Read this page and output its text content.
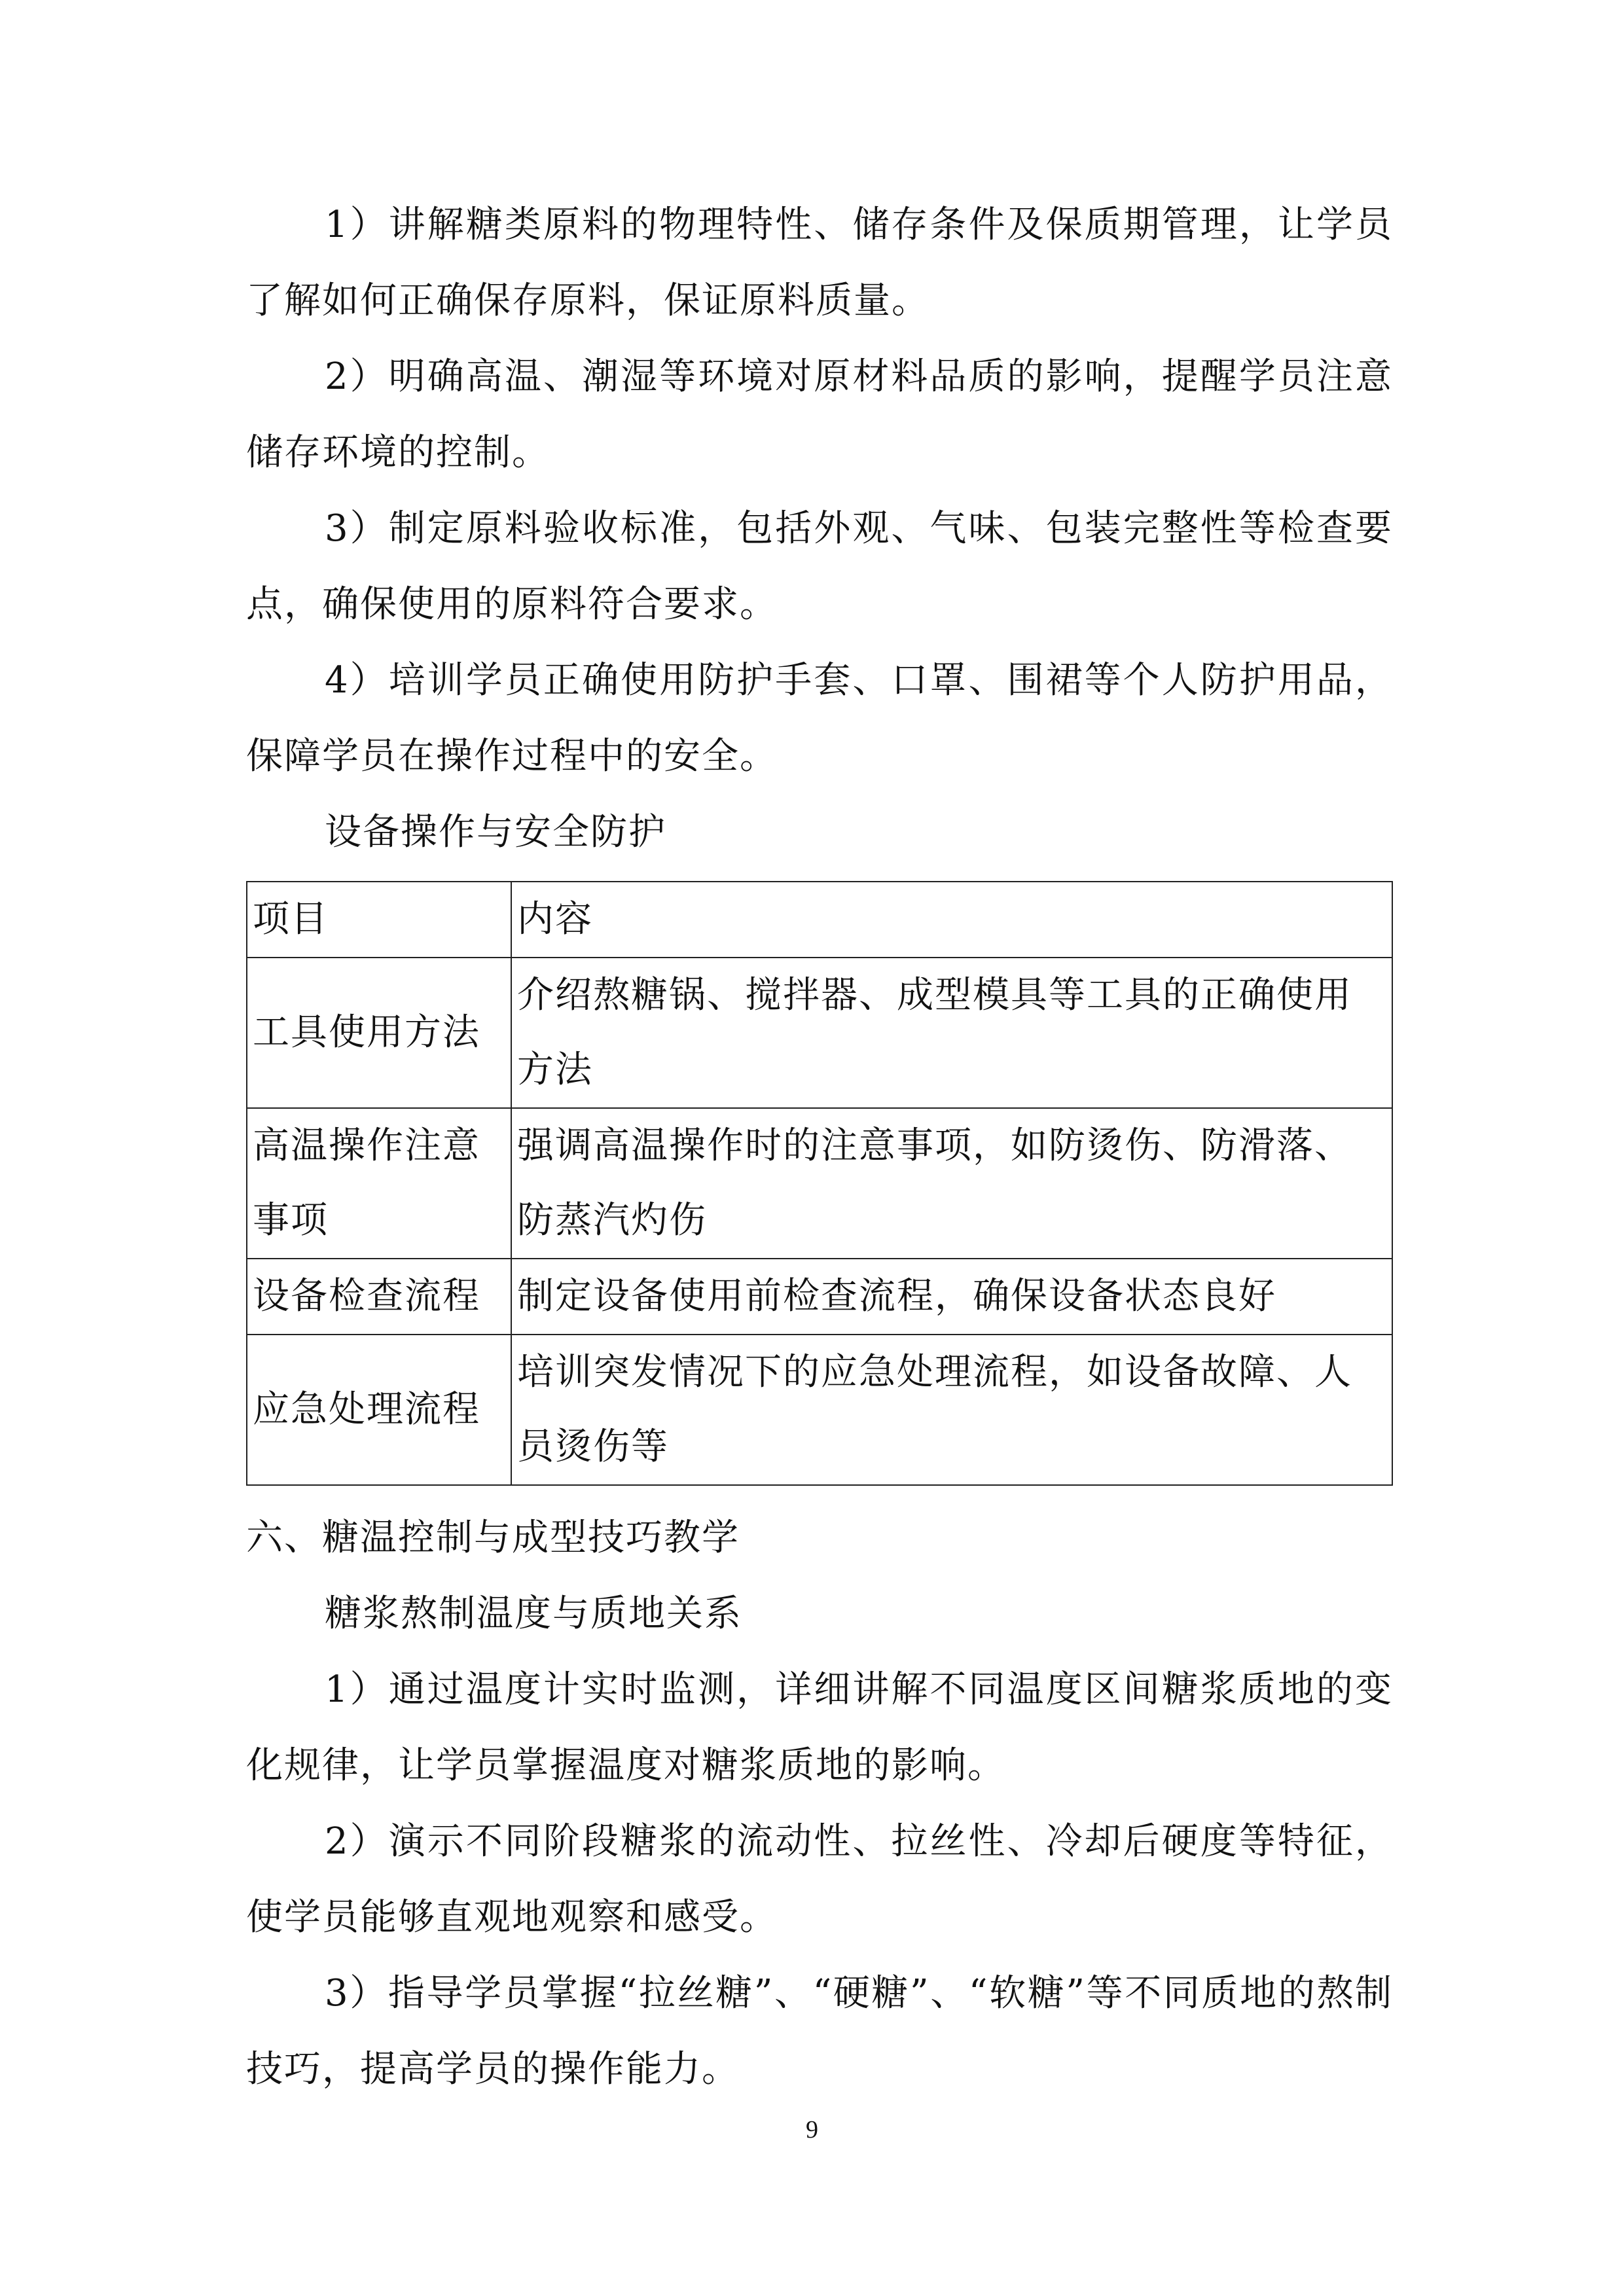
1）讲解糖类原料的物理特性、储存条件及保质期管理，让学员了解如何正确保存原料，保证原料质量。

2）明确高温、潮湿等环境对原材料品质的影响，提醒学员注意储存环境的控制。

3）制定原料验收标准，包括外观、气味、包装完整性等检查要点，确保使用的原料符合要求。

4）培训学员正确使用防护手套、口罩、围裙等个人防护用品，保障学员在操作过程中的安全。

设备操作与安全防护

项目	内容
工具使用方法	介绍熬糖锅、搅拌器、成型模具等工具的正确使用方法
高温操作注意事项	强调高温操作时的注意事项，如防烫伤、防滑落、防蒸汽灼伤
设备检查流程	制定设备使用前检查流程，确保设备状态良好
应急处理流程	培训突发情况下的应急处理流程，如设备故障、人员烫伤等

六、糖温控制与成型技巧教学

糖浆熬制温度与质地关系

1）通过温度计实时监测，详细讲解不同温度区间糖浆质地的变化规律，让学员掌握温度对糖浆质地的影响。

2）演示不同阶段糖浆的流动性、拉丝性、冷却后硬度等特征，使学员能够直观地观察和感受。

3）指导学员掌握“拉丝糖”、“硬糖”、“软糖”等不同质地的熬制技巧，提高学员的操作能力。

9
